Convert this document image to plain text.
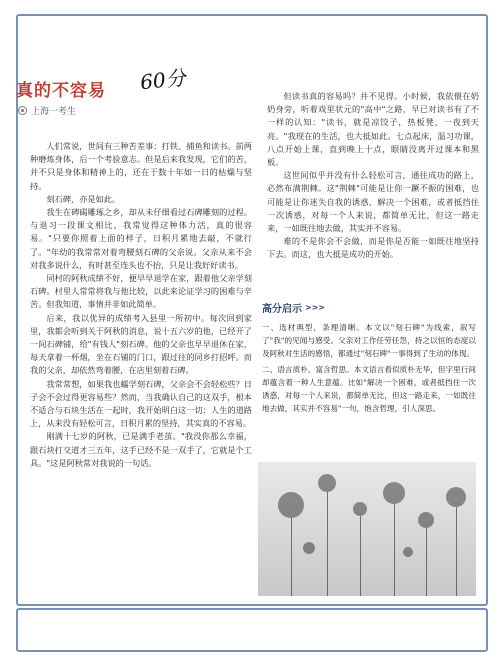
真的不容易 60分
上海一考生

人们常说，世间有三种苦差事：打铁、捕鱼和读书。前两种磨炼身体，后一个考验意志。但是后来我发现，它们的苦，并不只是身体和精神上的，还在于数十年如一日的枯燥与坚持。

刻石碑，亦是如此。

我生在碑碣雕琢之乡，却从未仔细看过石碑雕刻的过程。与退习一段课文相比，我常觉得这种体力活，真的很容易。"只要你照着上面的样子，日积月累地去敲，不就行了。"年幼的我常常对着弯腰刻石碑的父亲说。父亲从来不会对我多说什么，有时甚至连头也不抬，只是让我好好读书。

同村的阿秋成绩不好，便早早退学在家，跟着他父亲学刻石碑。村里人常常将我与他比较，以此来论证学习的困难与辛苦。但我知道，事情并非如此简单。

后来，我以优异的成绩考入县里一所初中。每次回到家里，我都会听到关于阿秋的消息，说十五六岁的他，已经开了一间石碑铺，给"有钱人"刻石碑。他的父亲也早早退休在家，每天拿着一杯烟，坐在石铺的门口，跟过往的同乡打招呼。而我的父亲，却依然弯着腰，在店里刻着石碑。

我常常想，如果我也蠕学刻石碑，父亲会不会轻松些？日子会不会过得更容易些？然而，当我确认自己的这双手，根本不适合与石块生活在一起时，我开始明白这一切：人生的道路上，从来没有轻松可言，日积月累的坚持，其实真的不容易。

刚满十七岁的阿秋，已是满手老茧。"我没你那么幸福，跟石块打交道才三五年，这手已经不是一双手了，它就是个工具。"这是阿秋常对我说的一句话。

但读书真的容易吗？并不见得。小时候，我依偎在奶奶身旁，听着戏里状元的"高中"之路，早已对读书有了不一样的认知："读书，就是凉饺子，热板凳，一夜到天亮。"我现在的生活，也大抵如此。七点起床，温习功课，八点开始上课，直到晚上十点，眼睛没离开过课本和黑板。

这世间似乎并没有什么轻松可言，通往成功的路上，必然布满荆棘。这"荆棘"可能是让你一蹶不振的困难，也可能是让你迷失自我的诱惑，解决一个困难，或者抵挡住一次诱惑，对每一个人来说，都简单无比，但这一路走来，一如既往地去做，其实并不容易。

难的不是你会不会做，而是你是否能一如既往地坚持下去。而这，也大抵是成功的开始。

高分启示 >>>

一、选材典型，条理清晰。本文以"刻石碑"为线索，叙写了"我"的见闻与感受。父亲对工作任劳任怨，持之以恒的态度以及阿秋对生活的感悟，都通过"刻石碑"一事得到了生动的体现。

二、语言质朴，富含哲思。本文语言看似质朴无华，但字里行间却蕴含着一种人生意蕴。比如"解决一个困难，或者抵挡住一次诱惑，对每一个人来说，都简单无比，但这一路走来，一如既往地去做，其实并不容易"一句，饱含哲理，引人深思。
